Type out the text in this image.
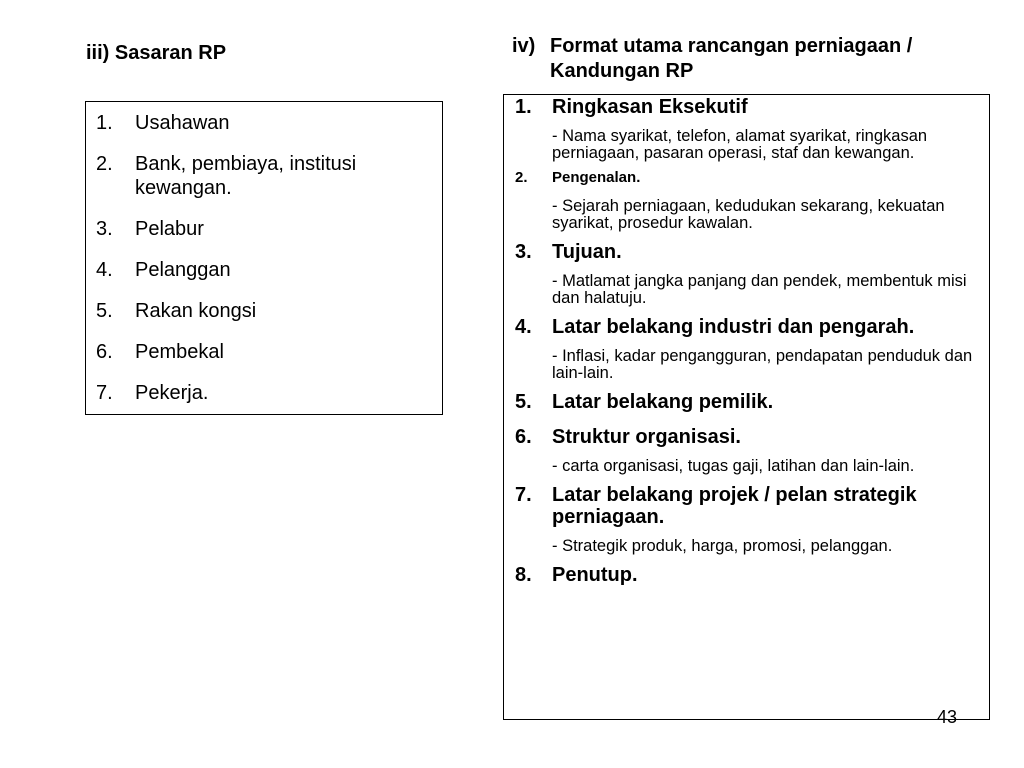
iii) Sasaran RP
1. Usahawan
2. Bank, pembiaya, institusi kewangan.
3. Pelabur
4. Pelanggan
5. Rakan kongsi
6. Pembekal
7. Pekerja.
iv) Format utama rancangan perniagaan /
Kandungan RP
1. Ringkasan Eksekutif
- Nama syarikat, telefon, alamat syarikat, ringkasan perniagaan, pasaran operasi, staf dan kewangan.
2. Pengenalan.
- Sejarah perniagaan, kedudukan sekarang, kekuatan syarikat, prosedur kawalan.
3. Tujuan.
- Matlamat jangka panjang dan pendek, membentuk misi dan halatuju.
4. Latar belakang industri dan pengarah.
- Inflasi, kadar pengangguran, pendapatan penduduk dan lain-lain.
5. Latar belakang pemilik.
6. Struktur organisasi.
- carta organisasi, tugas gaji, latihan dan lain-lain.
7. Latar belakang projek / pelan strategik perniagaan.
- Strategik produk, harga, promosi, pelanggan.
8. Penutup.
43
